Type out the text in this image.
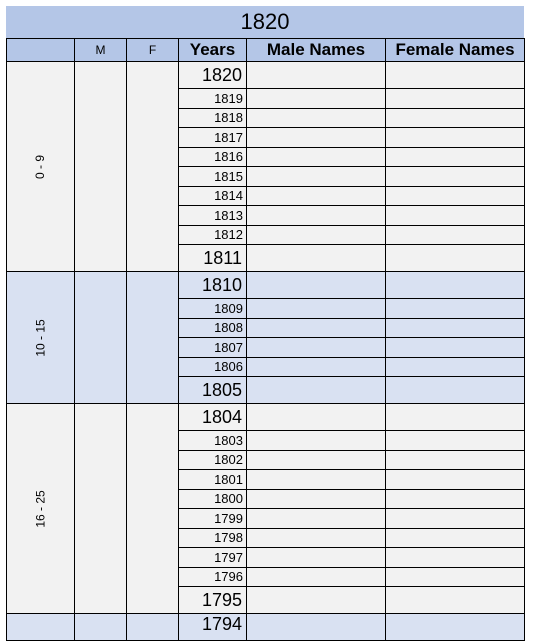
1820
	M	F	Years	Male Names	Female Names
0 - 9			1820		
			1819		
			1818		
			1817		
			1816		
			1815		
			1814		
			1813		
			1812		
			1811		
10 - 15			1810		
			1809		
			1808		
			1807		
			1806		
			1805		
16 - 25			1804		
			1803		
			1802		
			1801		
			1800		
			1799		
			1798		
			1797		
			1796		
			1795		
			1794		
